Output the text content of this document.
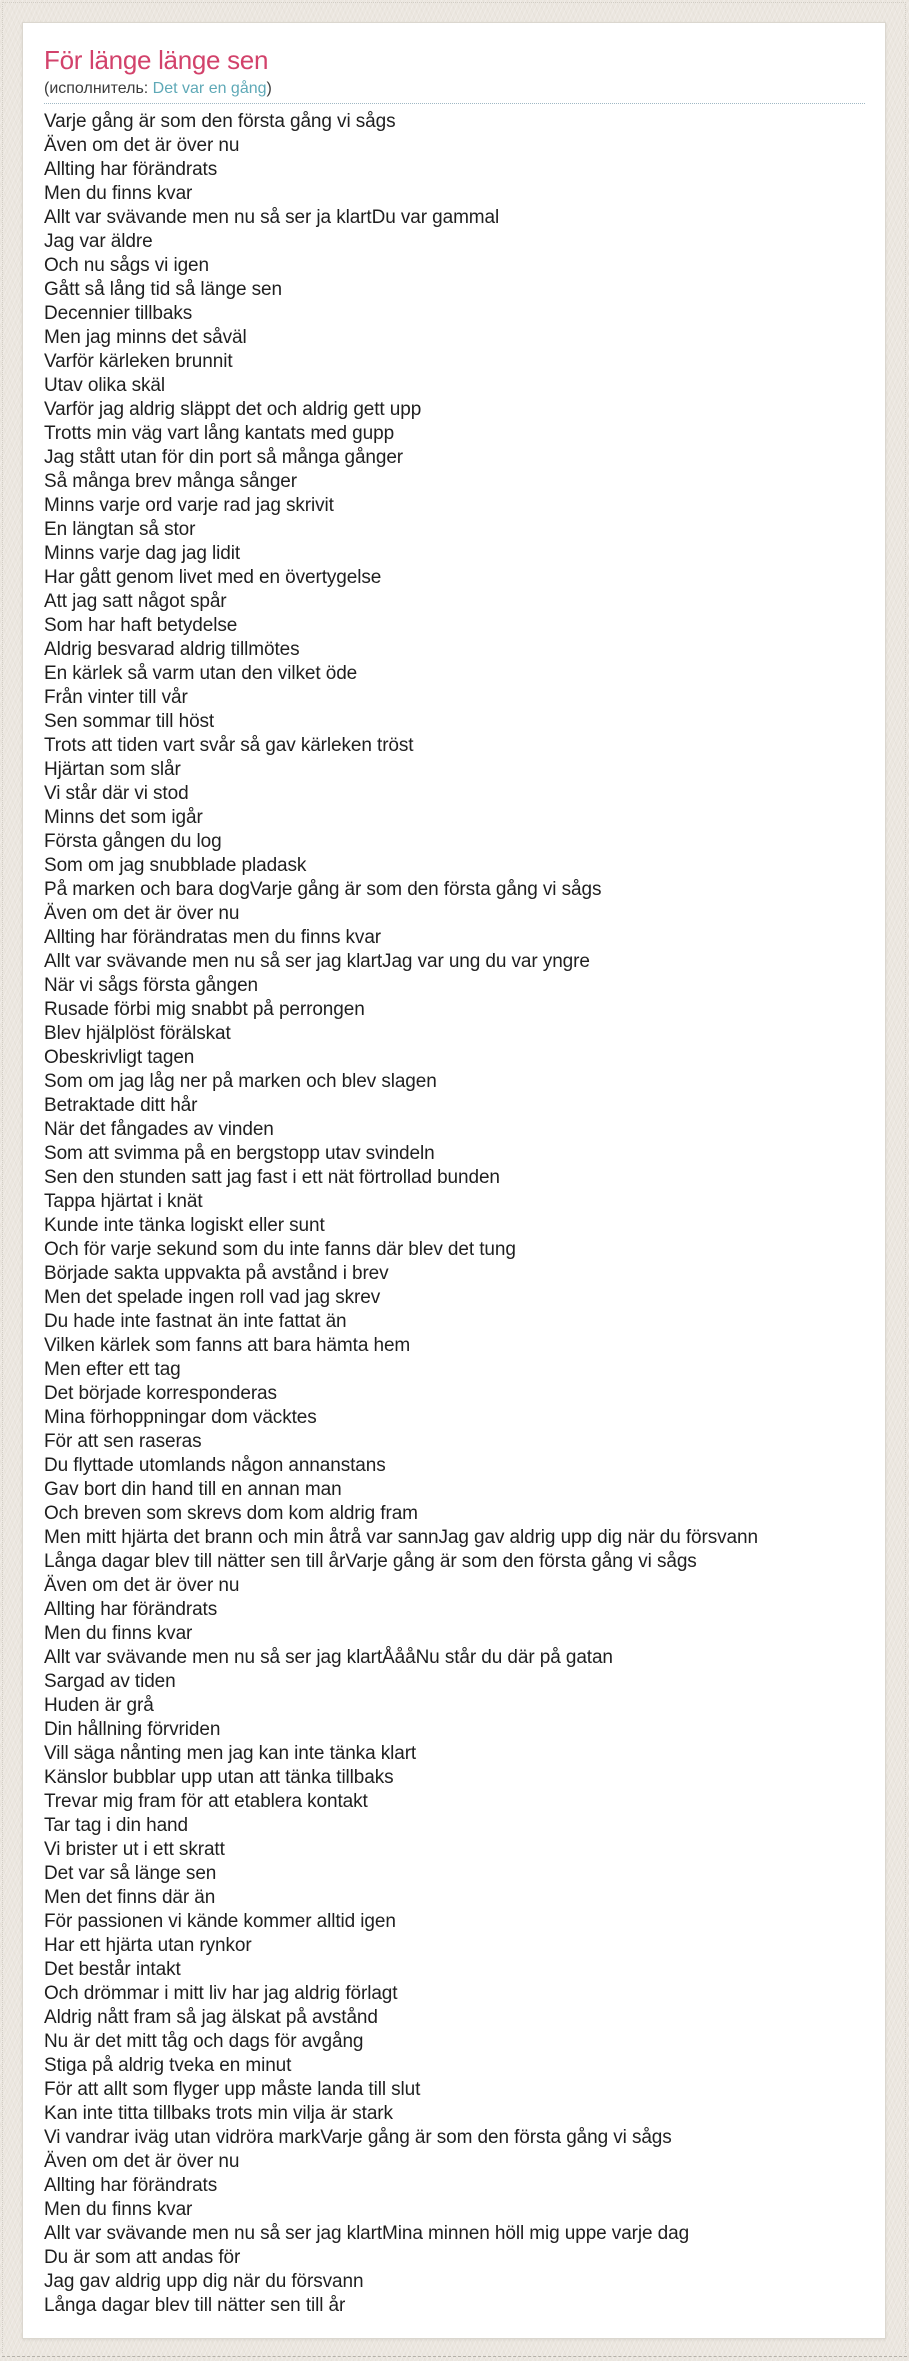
För länge länge sen

(исполнитель: Det var en gång)

Varje gång är som den första gång vi sågs
Även om det är över nu
Allting har förändrats
Men du finns kvar
Allt var svävande men nu så ser ja klartDu var gammal
Jag var äldre
Och nu sågs vi igen
Gått så lång tid så länge sen
Decennier tillbaks
Men jag minns det såväl
Varför kärleken brunnit
Utav olika skäl
Varför jag aldrig släppt det och aldrig gett upp
Trotts min väg vart lång kantats med gupp
Jag stått utan för din port så många gånger
Så många brev många sånger
Minns varje ord varje rad jag skrivit
En längtan så stor
Minns varje dag jag lidit
Har gått genom livet med en övertygelse
Att jag satt något spår
Som har haft betydelse
Aldrig besvarad aldrig tillmötes
En kärlek så varm utan den vilket öde
Från vinter till vår
Sen sommar till höst
Trots att tiden vart svår så gav kärleken tröst
Hjärtan som slår
Vi står där vi stod
Minns det som igår
Första gången du log
Som om jag snubblade pladask
På marken och bara dogVarje gång är som den första gång vi sågs
Även om det är över nu
Allting har förändratas men du finns kvar
Allt var svävande men nu så ser jag klartJag var ung du var yngre
När vi sågs första gången
Rusade förbi mig snabbt på perrongen
Blev hjälplöst förälskat
Obeskrivligt tagen
Som om jag låg ner på marken och blev slagen
Betraktade ditt hår
När det fångades av vinden
Som att svimma på en bergstopp utav svindeln
Sen den stunden satt jag fast i ett nät förtrollad bunden
Tappa hjärtat i knät
Kunde inte tänka logiskt eller sunt
Och för varje sekund som du inte fanns där blev det tung
Började sakta uppvakta på avstånd i brev
Men det spelade ingen roll vad jag skrev
Du hade inte fastnat än inte fattat än
Vilken kärlek som fanns att bara hämta hem
Men efter ett tag
Det började korresponderas
Mina förhoppningar dom väcktes
För att sen raseras
Du flyttade utomlands någon annanstans
Gav bort din hand till en annan man
Och breven som skrevs dom kom aldrig fram
Men mitt hjärta det brann och min åtrå var sannJag gav aldrig upp dig när du försvann
Långa dagar blev till nätter sen till årVarje gång är som den första gång vi sågs
Även om det är över nu
Allting har förändrats
Men du finns kvar
Allt var svävande men nu så ser jag klartÅååNu står du där på gatan
Sargad av tiden
Huden är grå
Din hållning förvriden
Vill säga nånting men jag kan inte tänka klart
Känslor bubblar upp utan att tänka tillbaks
Trevar mig fram för att etablera kontakt
Tar tag i din hand
Vi brister ut i ett skratt
Det var så länge sen
Men det finns där än
För passionen vi kände kommer alltid igen
Har ett hjärta utan rynkor
Det består intakt
Och drömmar i mitt liv har jag aldrig förlagt
Aldrig nått fram så jag älskat på avstånd
Nu är det mitt tåg och dags för avgång
Stiga på aldrig tveka en minut
För att allt som flyger upp måste landa till slut
Kan inte titta tillbaks trots min vilja är stark
Vi vandrar iväg utan vidröra markVarje gång är som den första gång vi sågs
Även om det är över nu
Allting har förändrats
Men du finns kvar
Allt var svävande men nu så ser jag klartMina minnen höll mig uppe varje dag
Du är som att andas för
Jag gav aldrig upp dig när du försvann
Långa dagar blev till nätter sen till år
